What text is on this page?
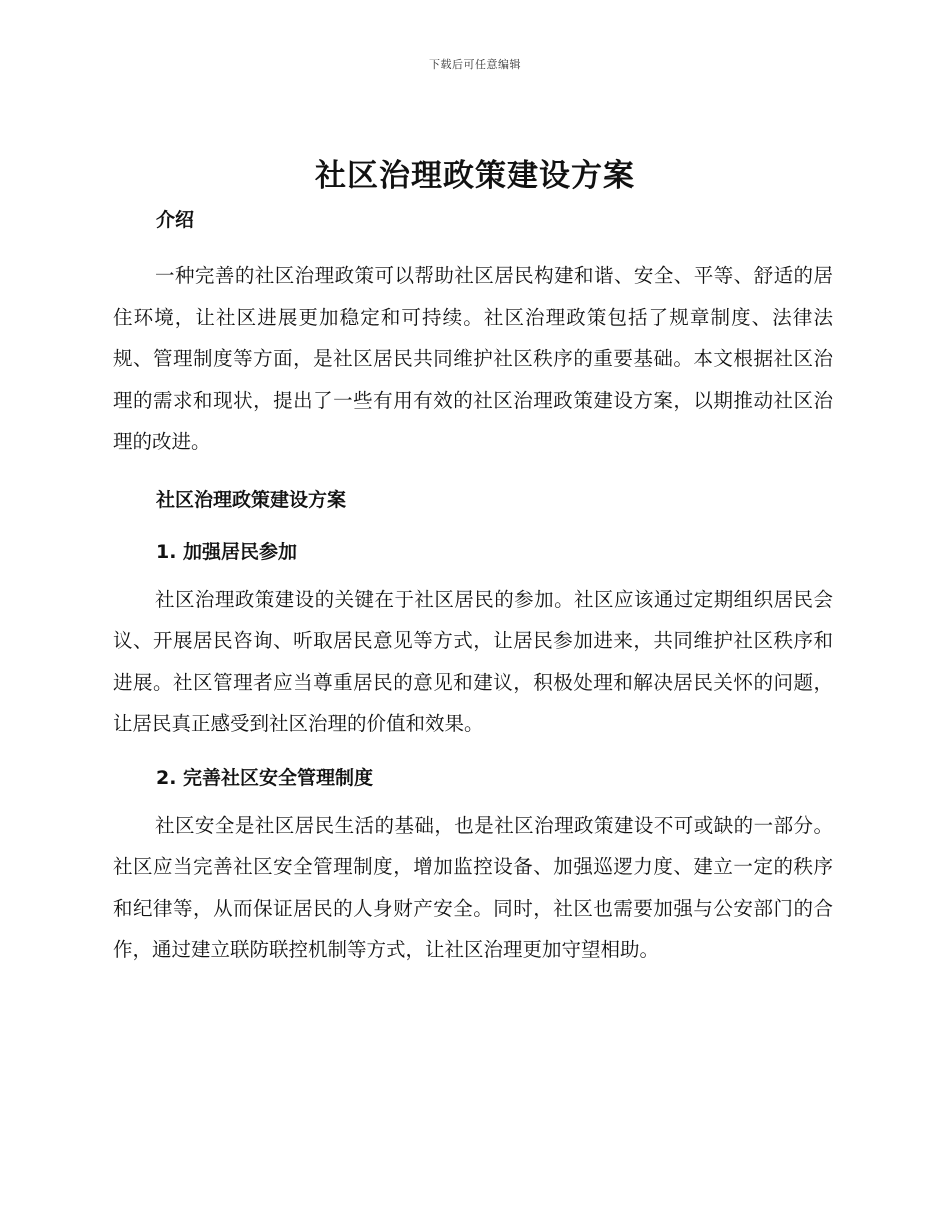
下载后可任意编辑
社区治理政策建设方案
介绍

一种完善的社区治理政策可以帮助社区居民构建和谐、安全、平等、舒适的居住环境，让社区进展更加稳定和可持续。社区治理政策包括了规章制度、法律法规、管理制度等方面，是社区居民共同维护社区秩序的重要基础。本文根据社区治理的需求和现状，提出了一些有用有效的社区治理政策建设方案，以期推动社区治理的改进。

社区治理政策建设方案
1. 加强居民参加

社区治理政策建设的关键在于社区居民的参加。社区应该通过定期组织居民会议、开展居民咨询、听取居民意见等方式，让居民参加进来，共同维护社区秩序和进展。社区管理者应当尊重居民的意见和建议，积极处理和解决居民关怀的问题，让居民真正感受到社区治理的价值和效果。

2. 完善社区安全管理制度

社区安全是社区居民生活的基础，也是社区治理政策建设不可或缺的一部分。社区应当完善社区安全管理制度，增加监控设备、加强巡逻力度、建立一定的秩序和纪律等，从而保证居民的人身财产安全。同时，社区也需要加强与公安部门的合作，通过建立联防联控机制等方式，让社区治理更加守望相助。
